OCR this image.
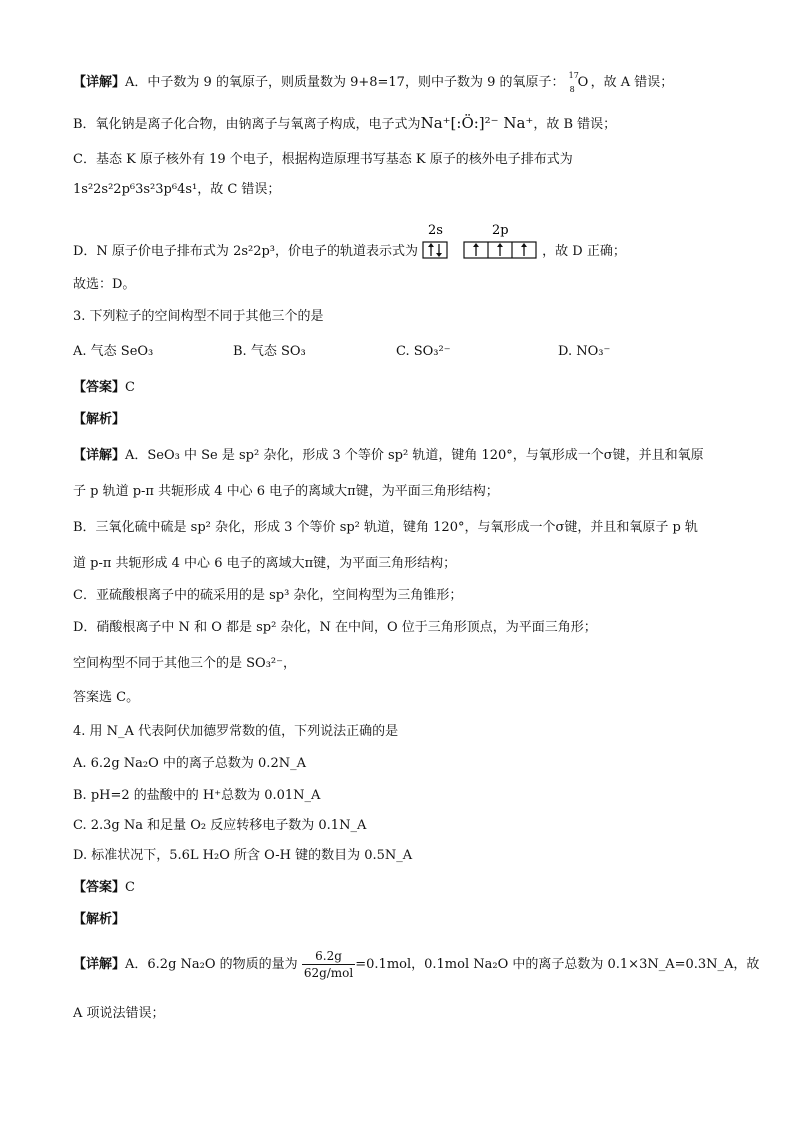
【详解】A．中子数为 9 的氧原子，则质量数为 9+8=17，则中子数为 9 的氧原子： 17
8 O ，故 A 错误；
B．氧化钠是离子化合物，由钠离子与氧离子构成，电子式为Na⁺[:Ö:]²⁻ Na⁺，故 B 错误；
C．基态 K 原子核外有 19 个电子，根据构造原理书写基态 K 原子的核外电子排布式为
1s²2s²2p⁶3s²3p⁶4s¹，故 C 错误；
D．N 原子价电子排布式为 2s²2p³，价电子的轨道表示式为
2s	2p
，故 D 正确；
故选：D。
3. 下列粒子的空间构型不同于其他三个的是
A. 气态 SeO₃	B. 气态 SO₃	C. SO₃²⁻	D. NO₃⁻
【答案】C
【解析】
【详解】A．SeO₃ 中 Se 是 sp² 杂化，形成 3 个等价 sp² 轨道，键角 120°，与氧形成一个σ键，并且和氧原
子 p 轨道 p-π 共轭形成 4 中心 6 电子的离域大π键，为平面三角形结构；
B．三氧化硫中硫是 sp² 杂化，形成 3 个等价 sp² 轨道，键角 120°，与氧形成一个σ键，并且和氧原子 p 轨
道 p-π 共轭形成 4 中心 6 电子的离域大π键，为平面三角形结构；
C．亚硫酸根离子中的硫采用的是 sp³ 杂化，空间构型为三角锥形；
D．硝酸根离子中 N 和 O 都是 sp² 杂化，N 在中间，O 位于三角形顶点，为平面三角形；
空间构型不同于其他三个的是 SO₃²⁻，
答案选 C。
4. 用 N_A 代表阿伏加德罗常数的值，下列说法正确的是
A. 6.2g Na₂O 中的离子总数为 0.2N_A
B. pH=2 的盐酸中的 H⁺总数为 0.01N_A
C. 2.3g Na 和足量 O₂ 反应转移电子数为 0.1N_A
D. 标准状况下，5.6L H₂O 所含 O-H 键的数目为 0.5N_A
【答案】C
【解析】
【详解】A．6.2g Na₂O 的物质的量为 $\frac{6.2g}{\text{62g/mol}} =0.1mol$，0.1mol Na₂O 中的离子总数为 0.1×3N_A=0.3N_A，故
A 项说法错误；
